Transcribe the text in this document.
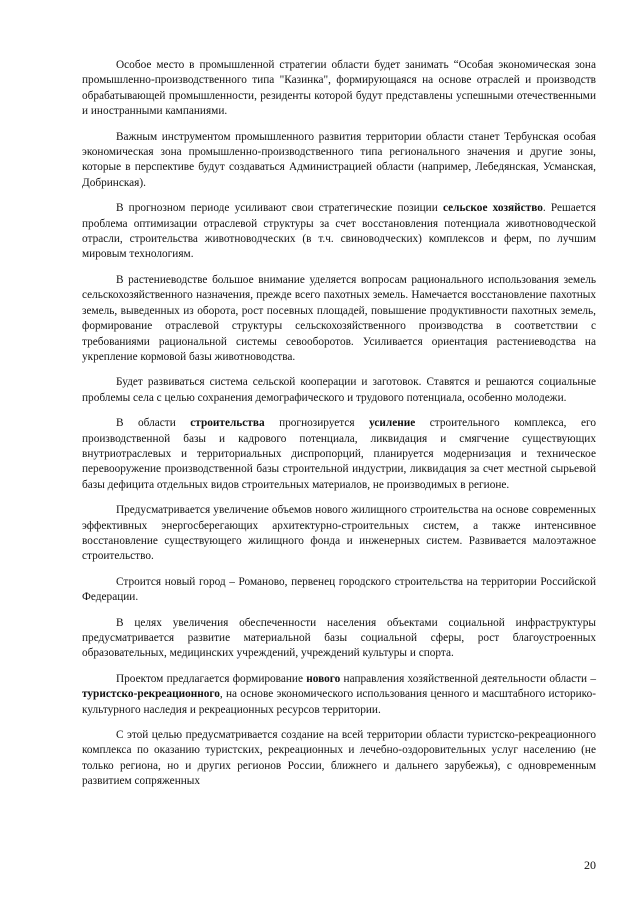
Особое место в промышленной стратегии области будет занимать “Особая экономическая зона промышленно-производственного типа "Казинка", формирующаяся на основе отраслей и производств обрабатывающей промышленности, резиденты которой будут представлены успешными отечественными и иностранными кампаниями.

Важным инструментом промышленного развития территории области станет Тербунская особая экономическая зона промышленно-производственного типа регионального значения и другие зоны, которые в перспективе будут создаваться Администрацией области (например, Лебедянская, Усманская, Добринская).

В прогнозном периоде усиливают свои стратегические позиции сельское хозяйство. Решается проблема оптимизации отраслевой структуры за счет восстановления потенциала животноводческой отрасли, строительства животноводческих (в т.ч. свиноводческих) комплексов и ферм, по лучшим мировым технологиям.

В растениеводстве большое внимание уделяется вопросам рационального использования земель сельскохозяйственного назначения, прежде всего пахотных земель. Намечается восстановление пахотных земель, выведенных из оборота, рост посевных площадей, повышение продуктивности пахотных земель, формирование отраслевой структуры сельскохозяйственного производства в соответствии с требованиями рациональной системы севооборотов. Усиливается ориентация растениеводства на укрепление кормовой базы животноводства.

Будет развиваться система сельской кооперации и заготовок. Ставятся и решаются социальные проблемы села с целью сохранения демографического и трудового потенциала, особенно молодежи.

В области строительства прогнозируется усиление строительного комплекса, его производственной базы и кадрового потенциала, ликвидация и смягчение существующих внутриотраслевых и территориальных диспропорций, планируется модернизация и техническое перевооружение производственной базы строительной индустрии, ликвидация за счет местной сырьевой базы дефицита отдельных видов строительных материалов, не производимых в регионе.

Предусматривается увеличение объемов нового жилищного строительства на основе современных эффективных энергосберегающих архитектурно-строительных систем, а также интенсивное восстановление существующего жилищного фонда и инженерных систем. Развивается малоэтажное строительство.

Строится новый город – Романово, первенец городского строительства на территории Российской Федерации.

В целях увеличения обеспеченности населения объектами социальной инфраструктуры предусматривается развитие материальной базы социальной сферы, рост благоустроенных образовательных, медицинских учреждений, учреждений культуры и спорта.

Проектом предлагается формирование нового направления хозяйственной деятельности области – туристско-рекреационного, на основе экономического использования ценного и масштабного историко-культурного наследия и рекреационных ресурсов территории.

С этой целью предусматривается создание на всей территории области туристско-рекреационного комплекса по оказанию туристских, рекреационных и лечебно-оздоровительных услуг населению (не только региона, но и других регионов России, ближнего и дальнего зарубежья), с одновременным развитием сопряженных

20
